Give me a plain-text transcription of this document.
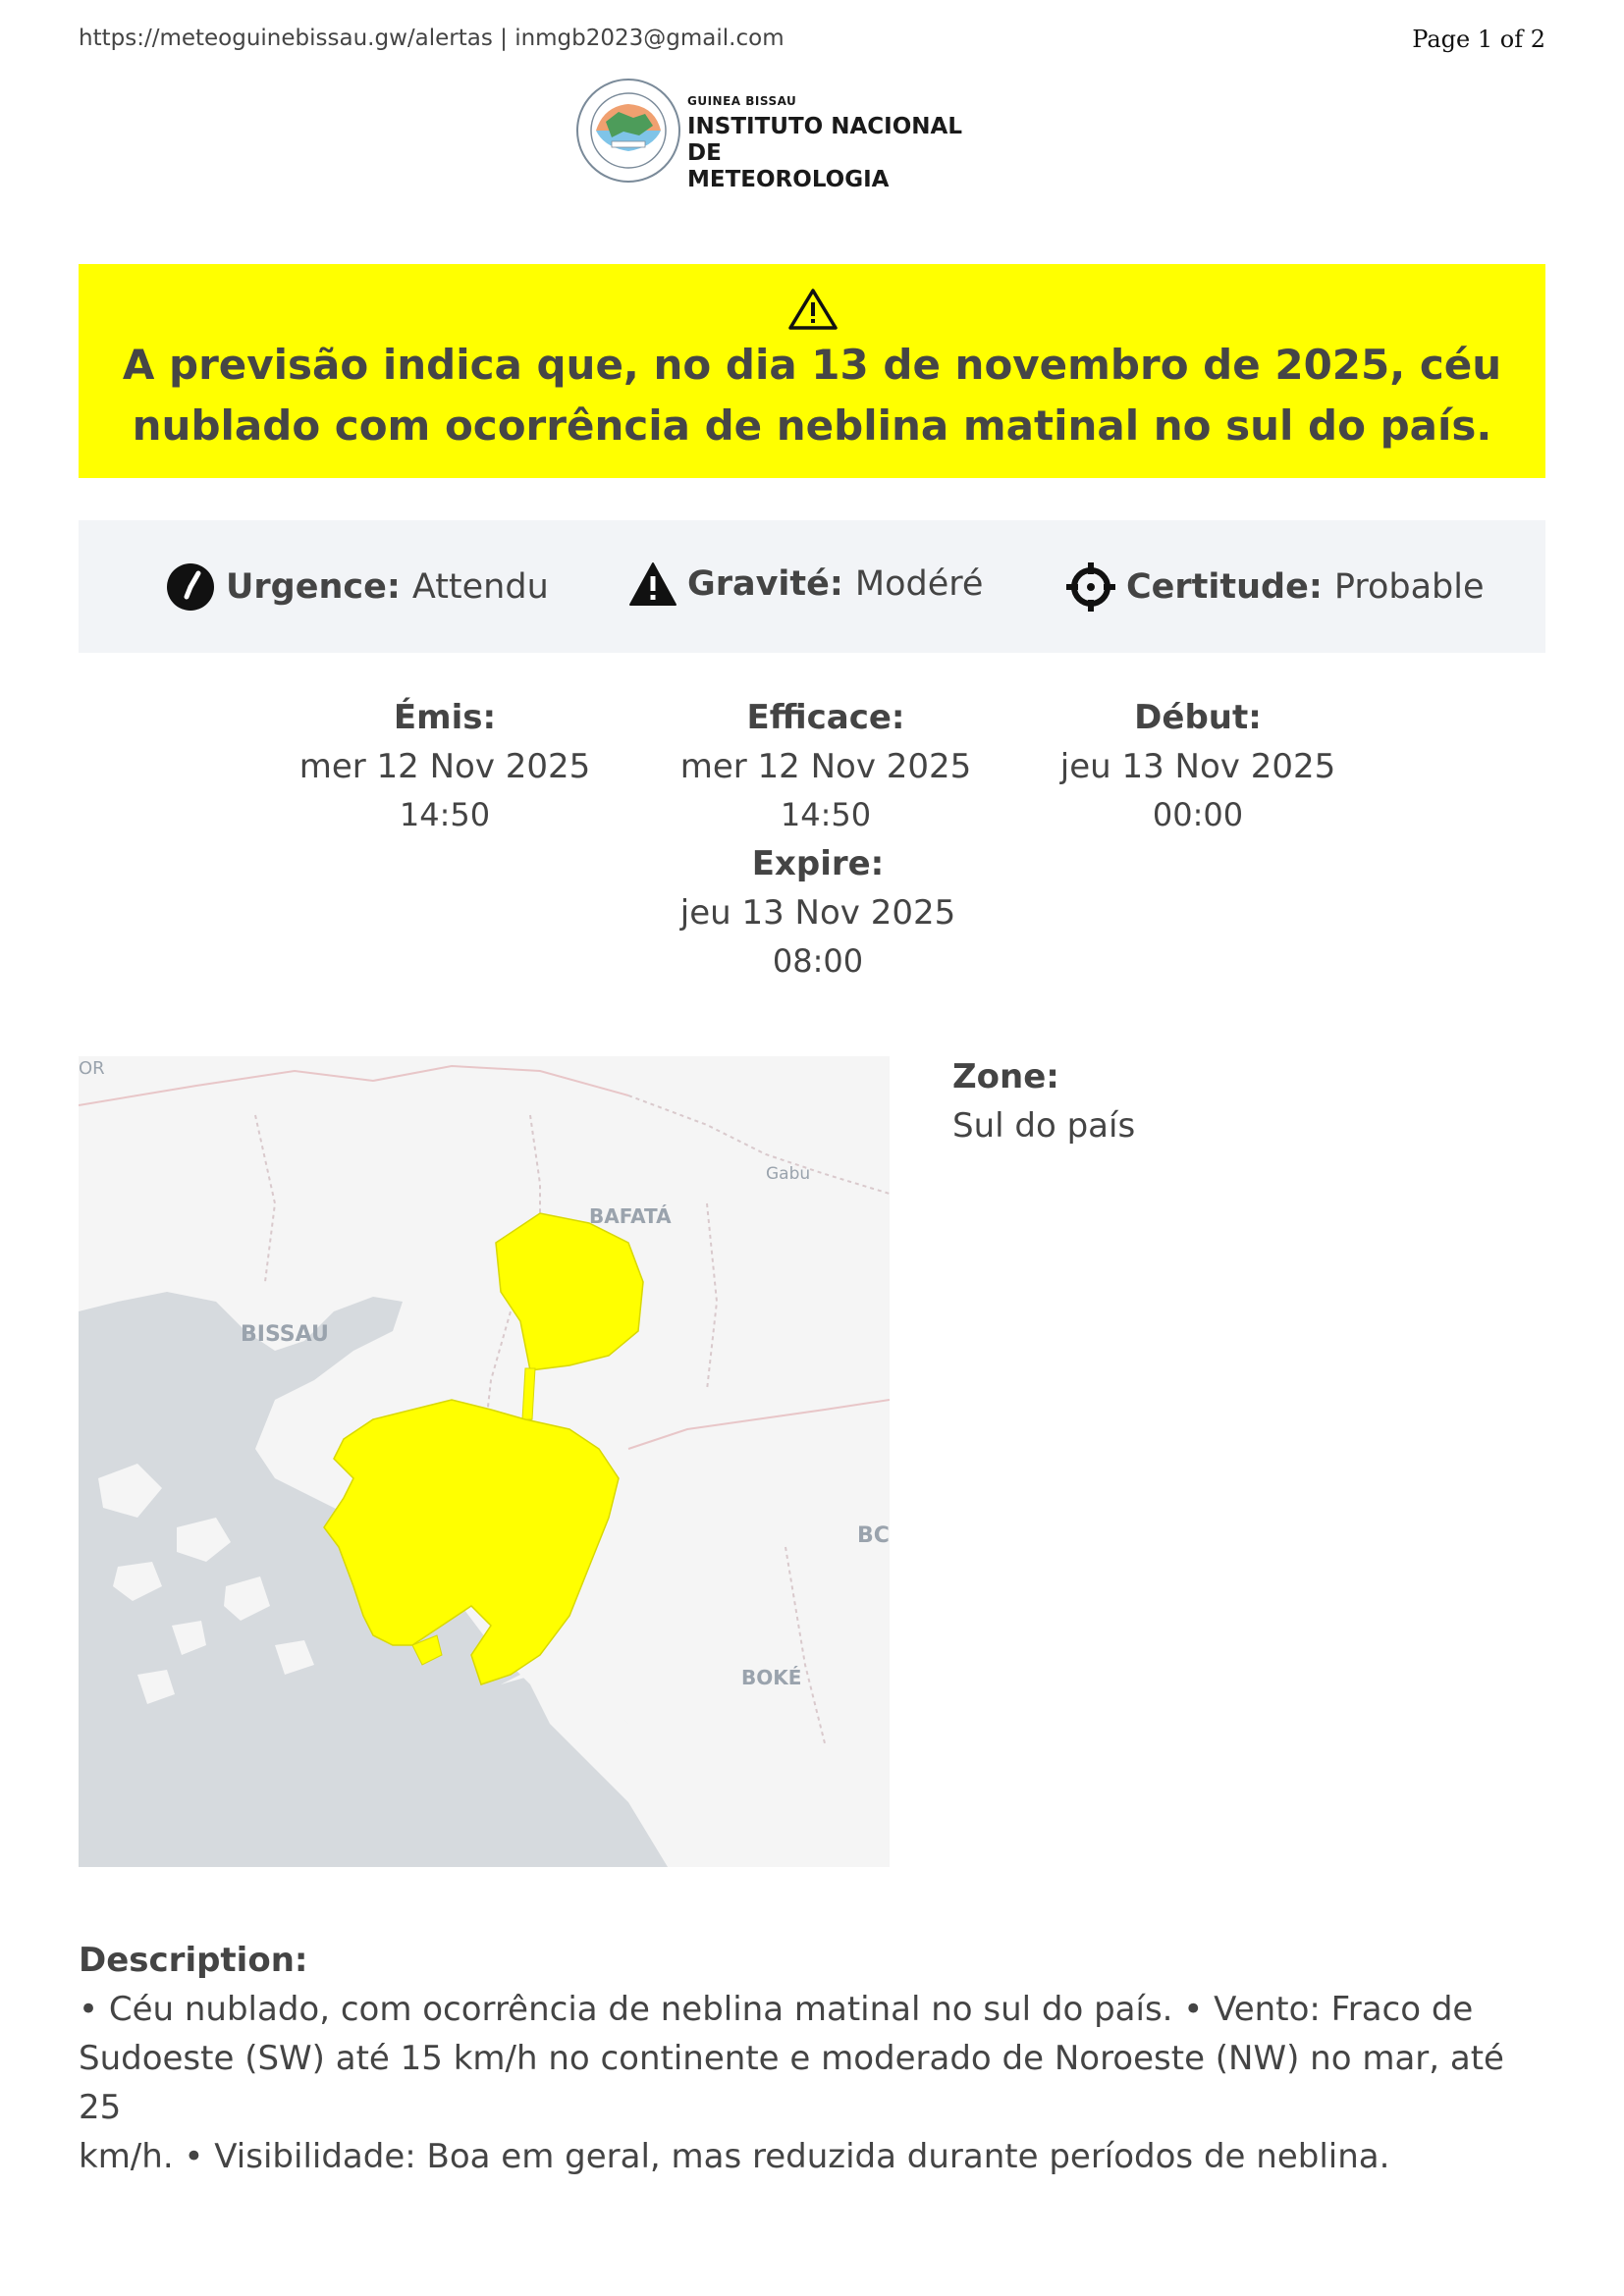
https://meteoguinebissau.gw/alertas | inmgb2023@gmail.com	Page 1 of 2
GUINEA BISSAU
INSTITUTO NACIONAL DE
METEOROLOGIA
A previsão indica que, no dia 13 de novembro de 2025, céu
nublado com ocorrência de neblina matinal no sul do país.
Urgence: Attendu	Gravité: Modéré	Certitude: Probable
Émis:
mer 12 Nov 2025
14:50
Efficace:
mer 12 Nov 2025
14:50
Début:
jeu 13 Nov 2025
00:00
Expire:
jeu 13 Nov 2025
08:00
OR
Gabu
BAFATÁ
BISSAU
BC
BOKÉ
Zone:
Sul do país
Description:
• Céu nublado, com ocorrência de neblina matinal no sul do país. • Vento: Fraco de
Sudoeste (SW) até 15 km/h no continente e moderado de Noroeste (NW) no mar, até 25
km/h. • Visibilidade: Boa em geral, mas reduzida durante períodos de neblina.
